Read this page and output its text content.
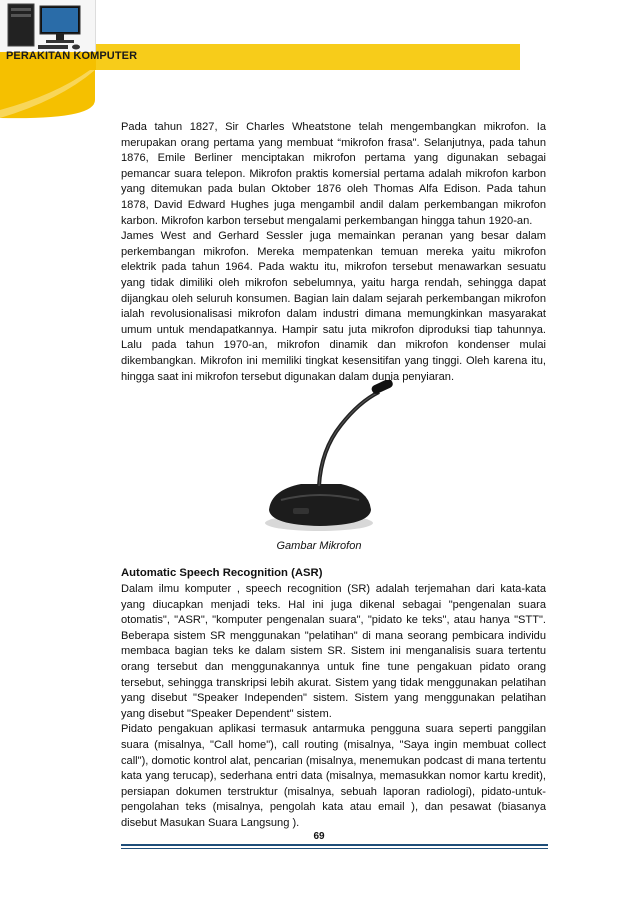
PERAKITAN KOMPUTER

Pada tahun 1827, Sir Charles Wheatstone telah mengembangkan mikrofon. Ia merupakan orang pertama yang membuat “mikrofon frasa". Selanjutnya, pada tahun 1876, Emile Berliner menciptakan mikrofon pertama yang digunakan sebagai pemancar suara telepon. Mikrofon praktis komersial pertama adalah mikrofon karbon yang ditemukan pada bulan Oktober 1876 oleh Thomas Alfa Edison. Pada tahun 1878, David Edward Hughes juga mengambil andil dalam perkembangan mikrofon karbon. Mikrofon karbon tersebut mengalami perkembangan hingga tahun 1920-an.

James West and Gerhard Sessler juga memainkan peranan yang besar dalam perkembangan mikrofon. Mereka mempatenkan temuan mereka yaitu mikrofon elektrik pada tahun 1964. Pada waktu itu, mikrofon tersebut menawarkan sesuatu yang tidak dimiliki oleh mikrofon sebelumnya, yaitu harga rendah, sehingga dapat dijangkau oleh seluruh konsumen. Bagian lain dalam sejarah perkembangan mikrofon ialah revolusionalisasi mikrofon dalam industri dimana memungkinkan masyarakat umum untuk mendapatkannya. Hampir satu juta mikrofon diproduksi tiap tahunnya. Lalu pada tahun 1970-an, mikrofon dinamik dan mikrofon kondenser mulai dikembangkan. Mikrofon ini memiliki tingkat kesensitifan yang tinggi. Oleh karena itu, hingga saat ini mikrofon tersebut digunakan dalam dunia penyiaran.

Gambar Mikrofon
Automatic Speech Recognition (ASR)

Dalam ilmu komputer , speech recognition (SR) adalah terjemahan dari kata-kata yang diucapkan menjadi teks. Hal ini juga dikenal sebagai "pengenalan suara otomatis", "ASR", "komputer pengenalan suara", "pidato ke teks", atau hanya "STT". Beberapa sistem SR menggunakan "pelatihan" di mana seorang pembicara individu membaca bagian teks ke dalam sistem SR. Sistem ini menganalisis suara tertentu orang tersebut dan menggunakannya untuk fine tune pengakuan pidato orang tersebut, sehingga transkripsi lebih akurat. Sistem yang tidak menggunakan pelatihan yang disebut "Speaker Independen" sistem. Sistem yang menggunakan pelatihan yang disebut "Speaker Dependent" sistem.

Pidato pengakuan aplikasi termasuk antarmuka pengguna suara seperti panggilan suara (misalnya, "Call home"), call routing (misalnya, "Saya ingin membuat collect call"), domotic kontrol alat, pencarian (misalnya, menemukan podcast di mana tertentu kata yang terucap), sederhana entri data (misalnya, memasukkan nomor kartu kredit), persiapan dokumen terstruktur (misalnya, sebuah laporan radiologi), pidato-untuk-pengolahan teks (misalnya, pengolah kata atau email ), dan pesawat (biasanya disebut Masukan Suara Langsung ).

69
